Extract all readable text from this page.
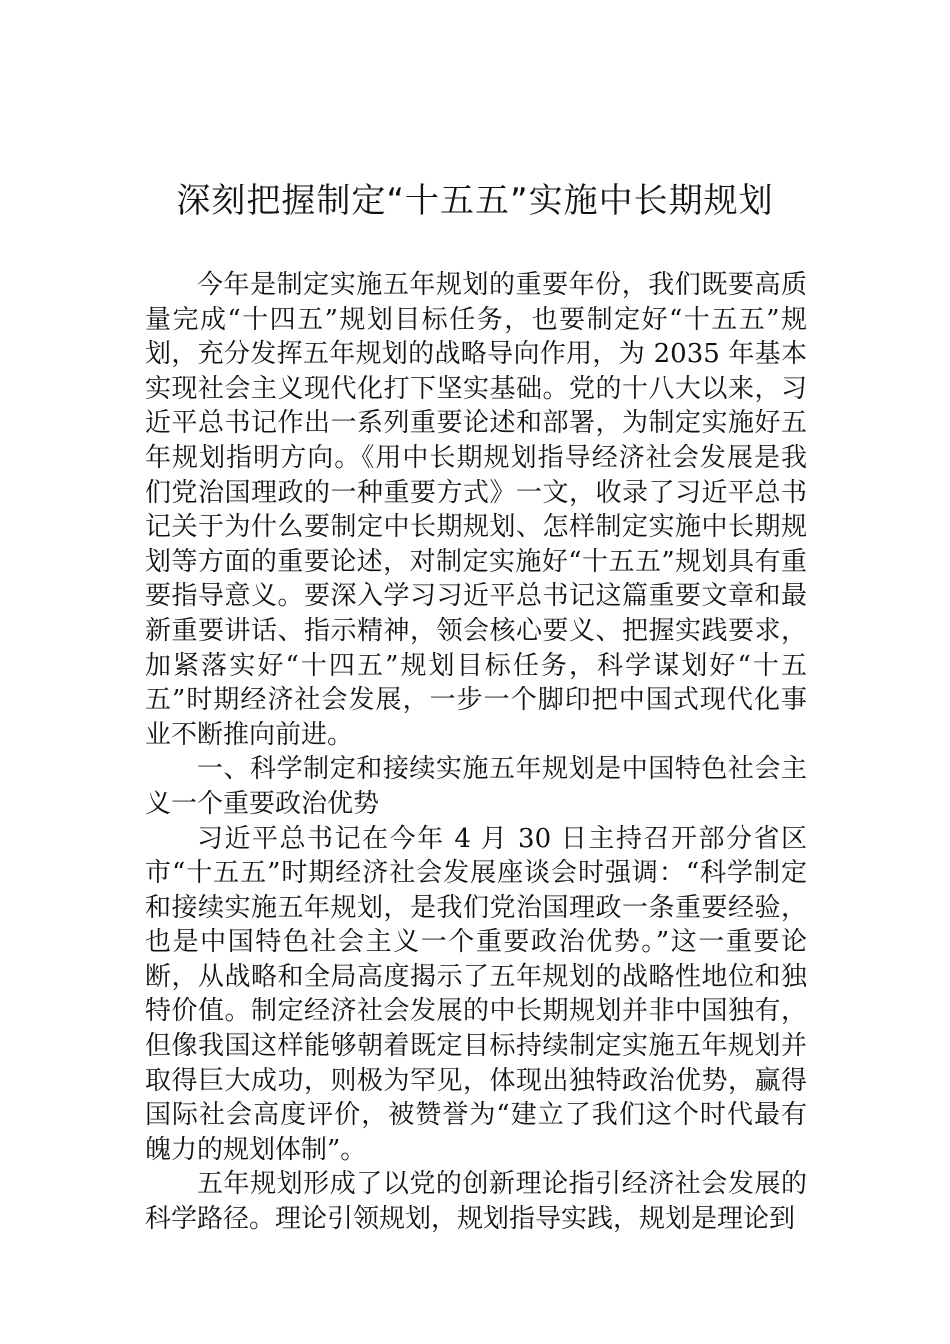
深刻把握制定“十五五”实施中长期规划

今年是制定实施五年规划的重要年份，我们既要高质量完成“十四五”规划目标任务，也要制定好“十五五”规划，充分发挥五年规划的战略导向作用，为 2035 年基本实现社会主义现代化打下坚实基础。党的十八大以来，习近平总书记作出一系列重要论述和部署，为制定实施好五年规划指明方向。《用中长期规划指导经济社会发展是我们党治国理政的一种重要方式》一文，收录了习近平总书记关于为什么要制定中长期规划、怎样制定实施中长期规划等方面的重要论述，对制定实施好“十五五”规划具有重要指导意义。要深入学习习近平总书记这篇重要文章和最新重要讲话、指示精神，领会核心要义、把握实践要求，加紧落实好“十四五”规划目标任务，科学谋划好“十五五”时期经济社会发展，一步一个脚印把中国式现代化事业不断推向前进。

一、科学制定和接续实施五年规划是中国特色社会主义一个重要政治优势

习近平总书记在今年 4 月 30 日主持召开部分省区市“十五五”时期经济社会发展座谈会时强调：“科学制定和接续实施五年规划，是我们党治国理政一条重要经验，也是中国特色社会主义一个重要政治优势。”这一重要论断，从战略和全局高度揭示了五年规划的战略性地位和独特价值。制定经济社会发展的中长期规划并非中国独有，但像我国这样能够朝着既定目标持续制定实施五年规划并取得巨大成功，则极为罕见，体现出独特政治优势，赢得国际社会高度评价，被赞誉为“建立了我们这个时代最有魄力的规划体制”。

五年规划形成了以党的创新理论指引经济社会发展的科学路径。理论引领规划，规划指导实践，规划是理论到
